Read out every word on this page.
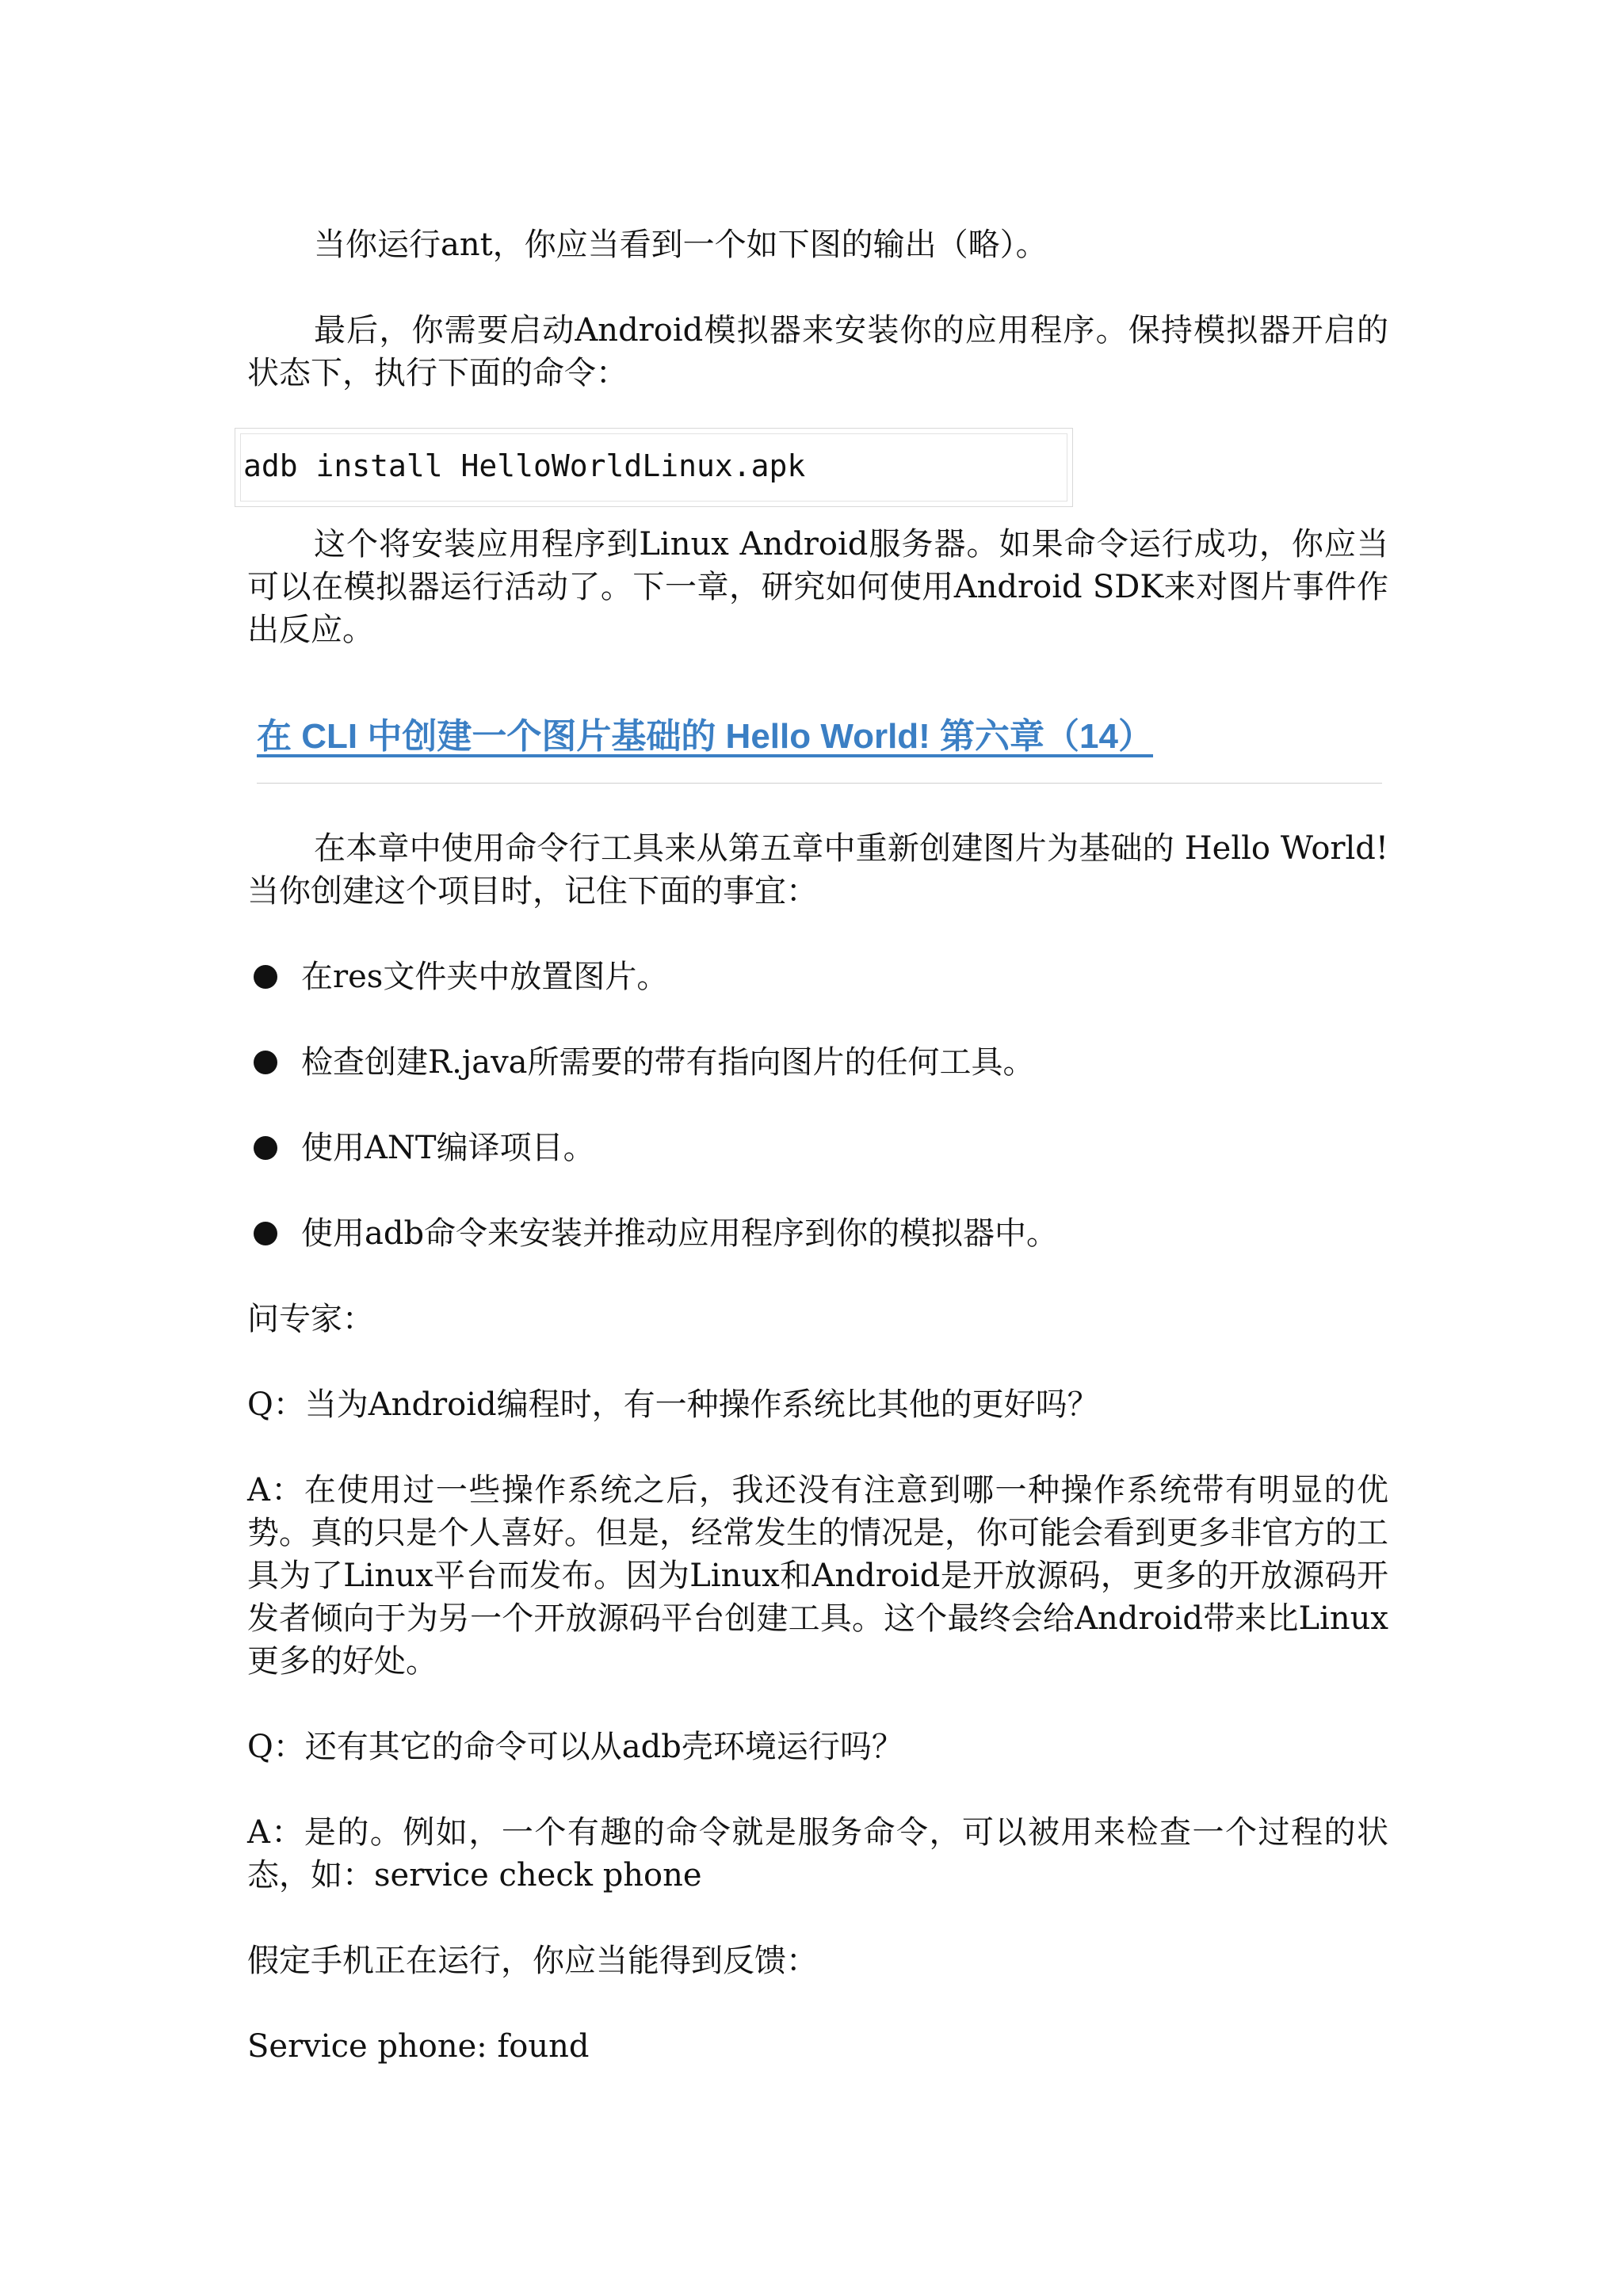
当你运行ant，你应当看到一个如下图的输出（略）。

最后，你需要启动Android模拟器来安装你的应用程序。保持模拟器开启的状态下，执行下面的命令：

adb install HelloWorldLinux.apk

这个将安装应用程序到Linux Android服务器。如果命令运行成功，你应当可以在模拟器运行活动了。下一章，研究如何使用Android SDK来对图片事件作出反应。

在 CLI 中创建一个图片基础的 Hello World! 第六章（14）

在本章中使用命令行工具来从第五章中重新创建图片为基础的 Hello World! 当你创建这个项目时，记住下面的事宜：

在res文件夹中放置图片。

检查创建R.java所需要的带有指向图片的任何工具。

使用ANT编译项目。

使用adb命令来安装并推动应用程序到你的模拟器中。

问专家：

Q：当为Android编程时，有一种操作系统比其他的更好吗？

A：在使用过一些操作系统之后，我还没有注意到哪一种操作系统带有明显的优势。真的只是个人喜好。但是，经常发生的情况是，你可能会看到更多非官方的工具为了Linux平台而发布。因为Linux和Android是开放源码，更多的开放源码开发者倾向于为另一个开放源码平台创建工具。这个最终会给Android带来比Linux更多的好处。

Q：还有其它的命令可以从adb壳环境运行吗？

A：是的。例如，一个有趣的命令就是服务命令，可以被用来检查一个过程的状态，如：service check phone

假定手机正在运行，你应当能得到反馈：

Service phone: found
